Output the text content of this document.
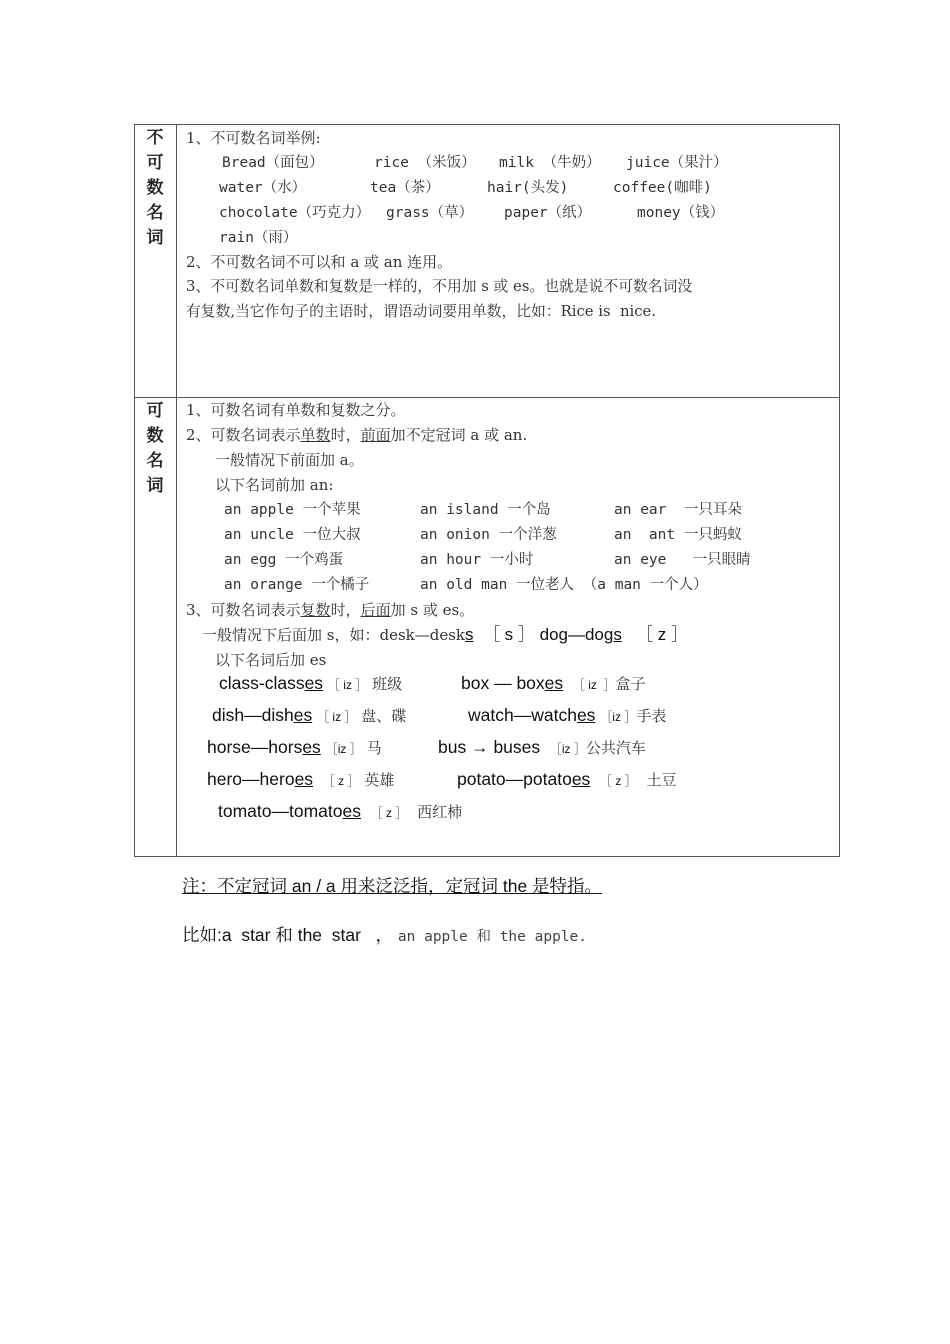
不
可
数
名
词
1、不可数名词举例:
Bread（面包）	rice （米饭） milk （牛奶） juice（果汁）
water（水）	tea（茶）	hair(头发)	coffee(咖啡)
chocolate（巧克力） grass（草） paper（纸）	money（钱）
rain（雨）
2、不可数名词不可以和 a 或 an 连用。
3、不可数名词单数和复数是一样的，不用加 s 或 es。也就是说不可数名词没
有复数,当它作句子的主语时，谓语动词要用单数，比如：Rice is  nice.
可
数
名
词
1、可数名词有单数和复数之分。
2、可数名词表示单数时，前面加不定冠词 a 或 an.
一般情况下前面加 a。
以下名词前加 an:
an apple 一个苹果	an island 一个岛	an ear  一只耳朵
an uncle 一位大叔	an onion 一个洋葱	an  ant 一只蚂蚁
an egg 一个鸡蛋	an hour 一小时	an eye   一只眼睛
an orange 一个橘子	an old man 一位老人 （a man 一个人）
3、可数名词表示复数时，后面加 s 或 es。
一般情况下后面加 s，如：desk—desks  ［ s ］ dog—dogs   ［ z ］
以下名词后加 es
class-classes ［ iz ］ 班级	box — boxes ［ iz  ］盒子
dish—dishes ［ iz ］ 盘、碟	watch—watches ［iz ］手表
horse—horses ［iz ］ 马	bus → buses ［iz ］公共汽车
hero—heroes ［ z ］ 英雄	potato—potatoes ［ z ］ 土豆
tomato—tomatoes ［ z ］ 西红柿
注：不定冠词 an / a 用来泛泛指，定冠词 the 是特指。
比如:a  star 和 the  star   ， an apple 和 the apple.
